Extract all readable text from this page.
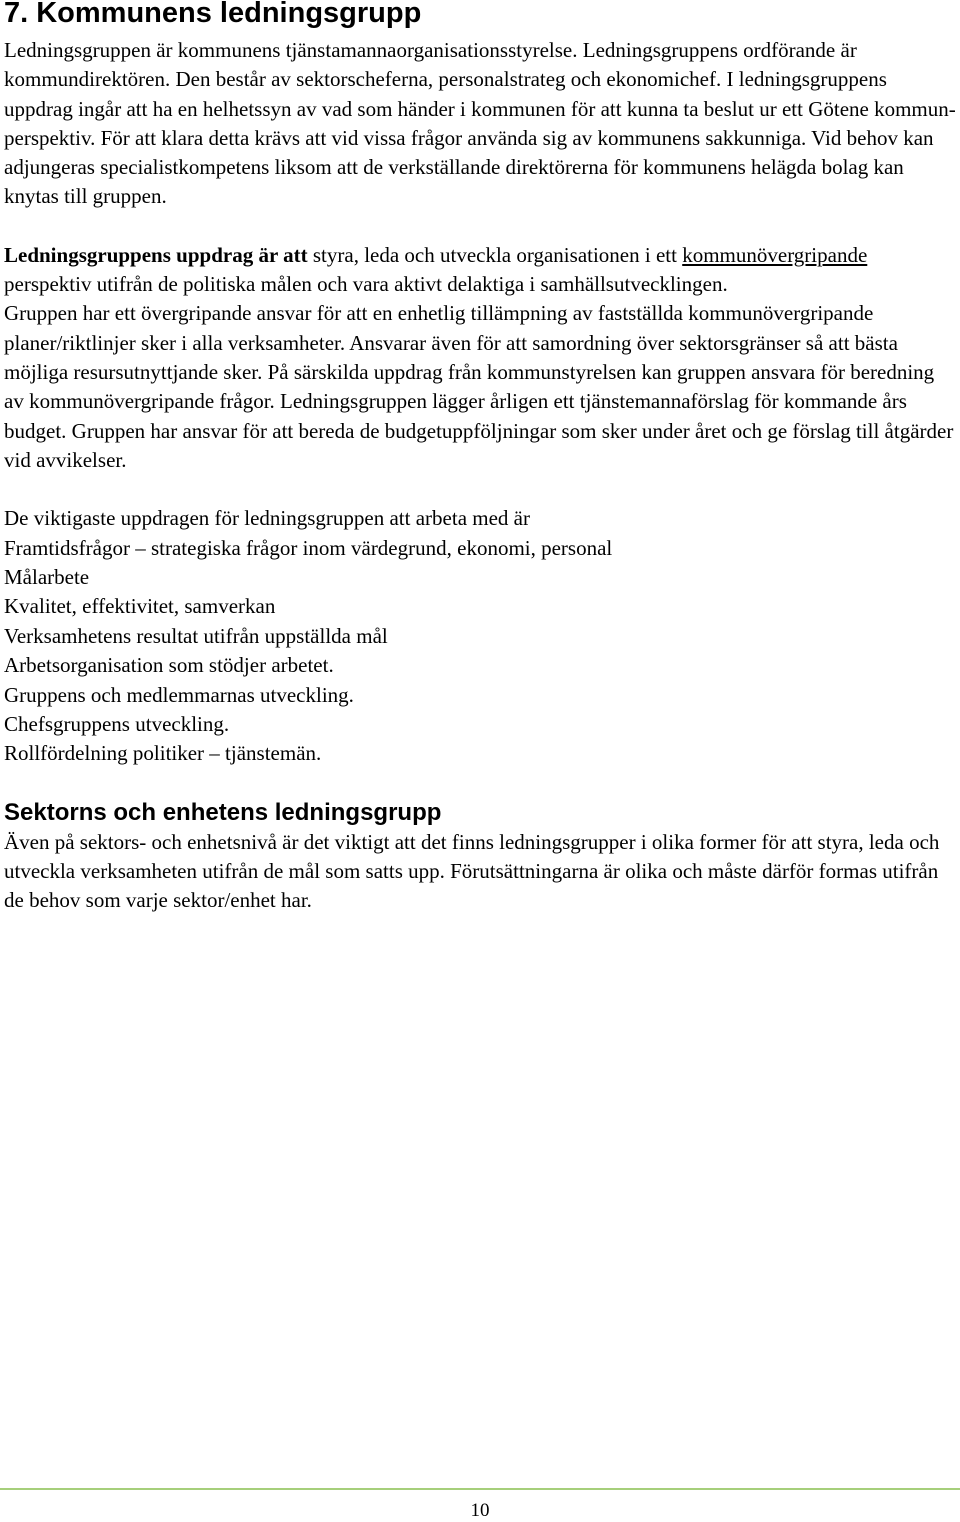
7. Kommunens ledningsgrupp

Ledningsgruppen är kommunens tjänstamannaorganisationsstyrelse. Ledningsgruppens ordförande är kommundirektören. Den består av sektorscheferna, personalstrateg och ekonomichef. I ledningsgruppens uppdrag ingår att ha en helhetssyn av vad som händer i kommunen för att kunna ta beslut ur ett Götene kommun-perspektiv. För att klara detta krävs att vid vissa frågor använda sig av kommunens sakkunniga. Vid behov kan adjungeras specialistkompetens liksom att de verkställande direktörerna för kommunens helägda bolag kan knytas till gruppen.

Ledningsgruppens uppdrag är att styra, leda och utveckla organisationen i ett kommunövergripande perspektiv utifrån de politiska målen och vara aktivt delaktiga i samhällsutvecklingen.

Gruppen har ett övergripande ansvar för att en enhetlig tillämpning av fastställda kommunövergripande planer/riktlinjer sker i alla verksamheter. Ansvarar även för att samordning över sektorsgränser så att bästa möjliga resursutnyttjande sker. På särskilda uppdrag från kommunstyrelsen kan gruppen ansvara för beredning av kommunövergripande frågor. Ledningsgruppen lägger årligen ett tjänstemannaförslag för kommande års budget. Gruppen har ansvar för att bereda de budgetuppföljningar som sker under året och ge förslag till åtgärder vid avvikelser.

De viktigaste uppdragen för ledningsgruppen att arbeta med är

Framtidsfrågor – strategiska frågor inom värdegrund, ekonomi, personal

Målarbete

Kvalitet, effektivitet, samverkan

Verksamhetens resultat utifrån uppställda mål

Arbetsorganisation som stödjer arbetet.

Gruppens och medlemmarnas utveckling.

Chefsgruppens utveckling.

Rollfördelning politiker – tjänstemän.

Sektorns och enhetens ledningsgrupp

Även på sektors- och enhetsnivå är det viktigt att det finns ledningsgrupper i olika former för att styra, leda och utveckla verksamheten utifrån de mål som satts upp. Förutsättningarna är olika och måste därför formas utifrån de behov som varje sektor/enhet har.

10
